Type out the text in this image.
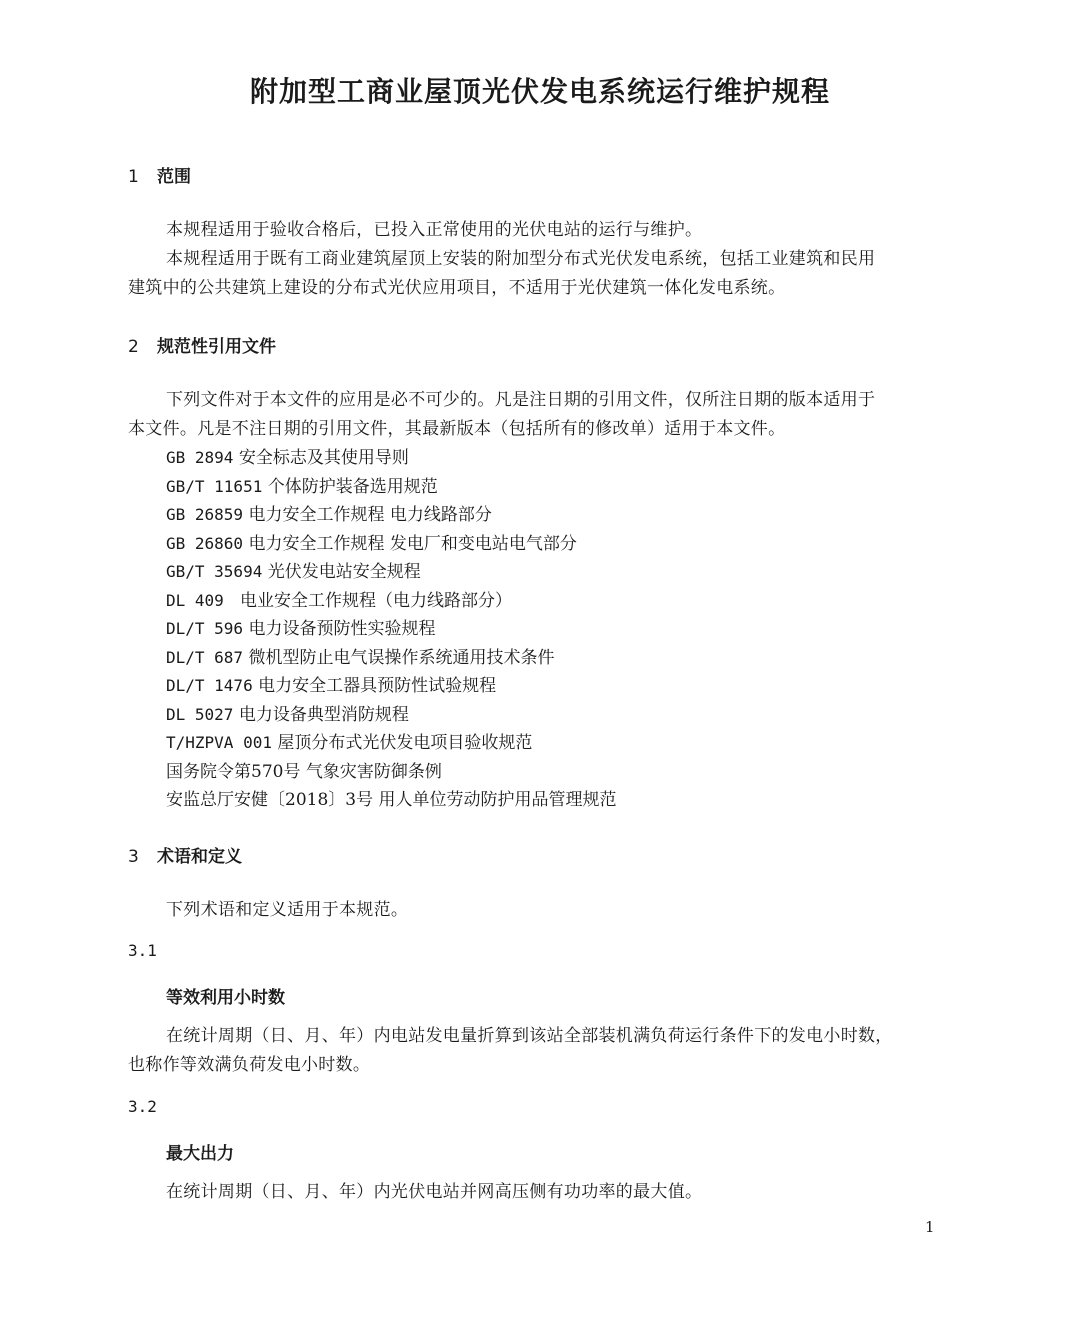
附加型工商业屋顶光伏发电系统运行维护规程
1 范围
本规程适用于验收合格后，已投入正常使用的光伏电站的运行与维护。
本规程适用于既有工商业建筑屋顶上安装的附加型分布式光伏发电系统，包括工业建筑和民用
建筑中的公共建筑上建设的分布式光伏应用项目，不适用于光伏建筑一体化发电系统。
2 规范性引用文件
下列文件对于本文件的应用是必不可少的。凡是注日期的引用文件，仅所注日期的版本适用于
本文件。凡是不注日期的引用文件，其最新版本（包括所有的修改单）适用于本文件。
GB 2894 安全标志及其使用导则
GB/T 11651 个体防护装备选用规范
GB 26859 电力安全工作规程 电力线路部分
GB 26860 电力安全工作规程 发电厂和变电站电气部分
GB/T 35694 光伏发电站安全规程
DL 409   电业安全工作规程（电力线路部分）
DL/T 596 电力设备预防性实验规程
DL/T 687 微机型防止电气误操作系统通用技术条件
DL/T 1476 电力安全工器具预防性试验规程
DL 5027 电力设备典型消防规程
T/HZPVA 001 屋顶分布式光伏发电项目验收规范
国务院令第570号 气象灾害防御条例
安监总厅安健〔2018〕3号 用人单位劳动防护用品管理规范
3 术语和定义
下列术语和定义适用于本规范。
3.1
等效利用小时数
在统计周期（日、月、年）内电站发电量折算到该站全部装机满负荷运行条件下的发电小时数，
也称作等效满负荷发电小时数。
3.2
最大出力
在统计周期（日、月、年）内光伏电站并网高压侧有功功率的最大值。
1
